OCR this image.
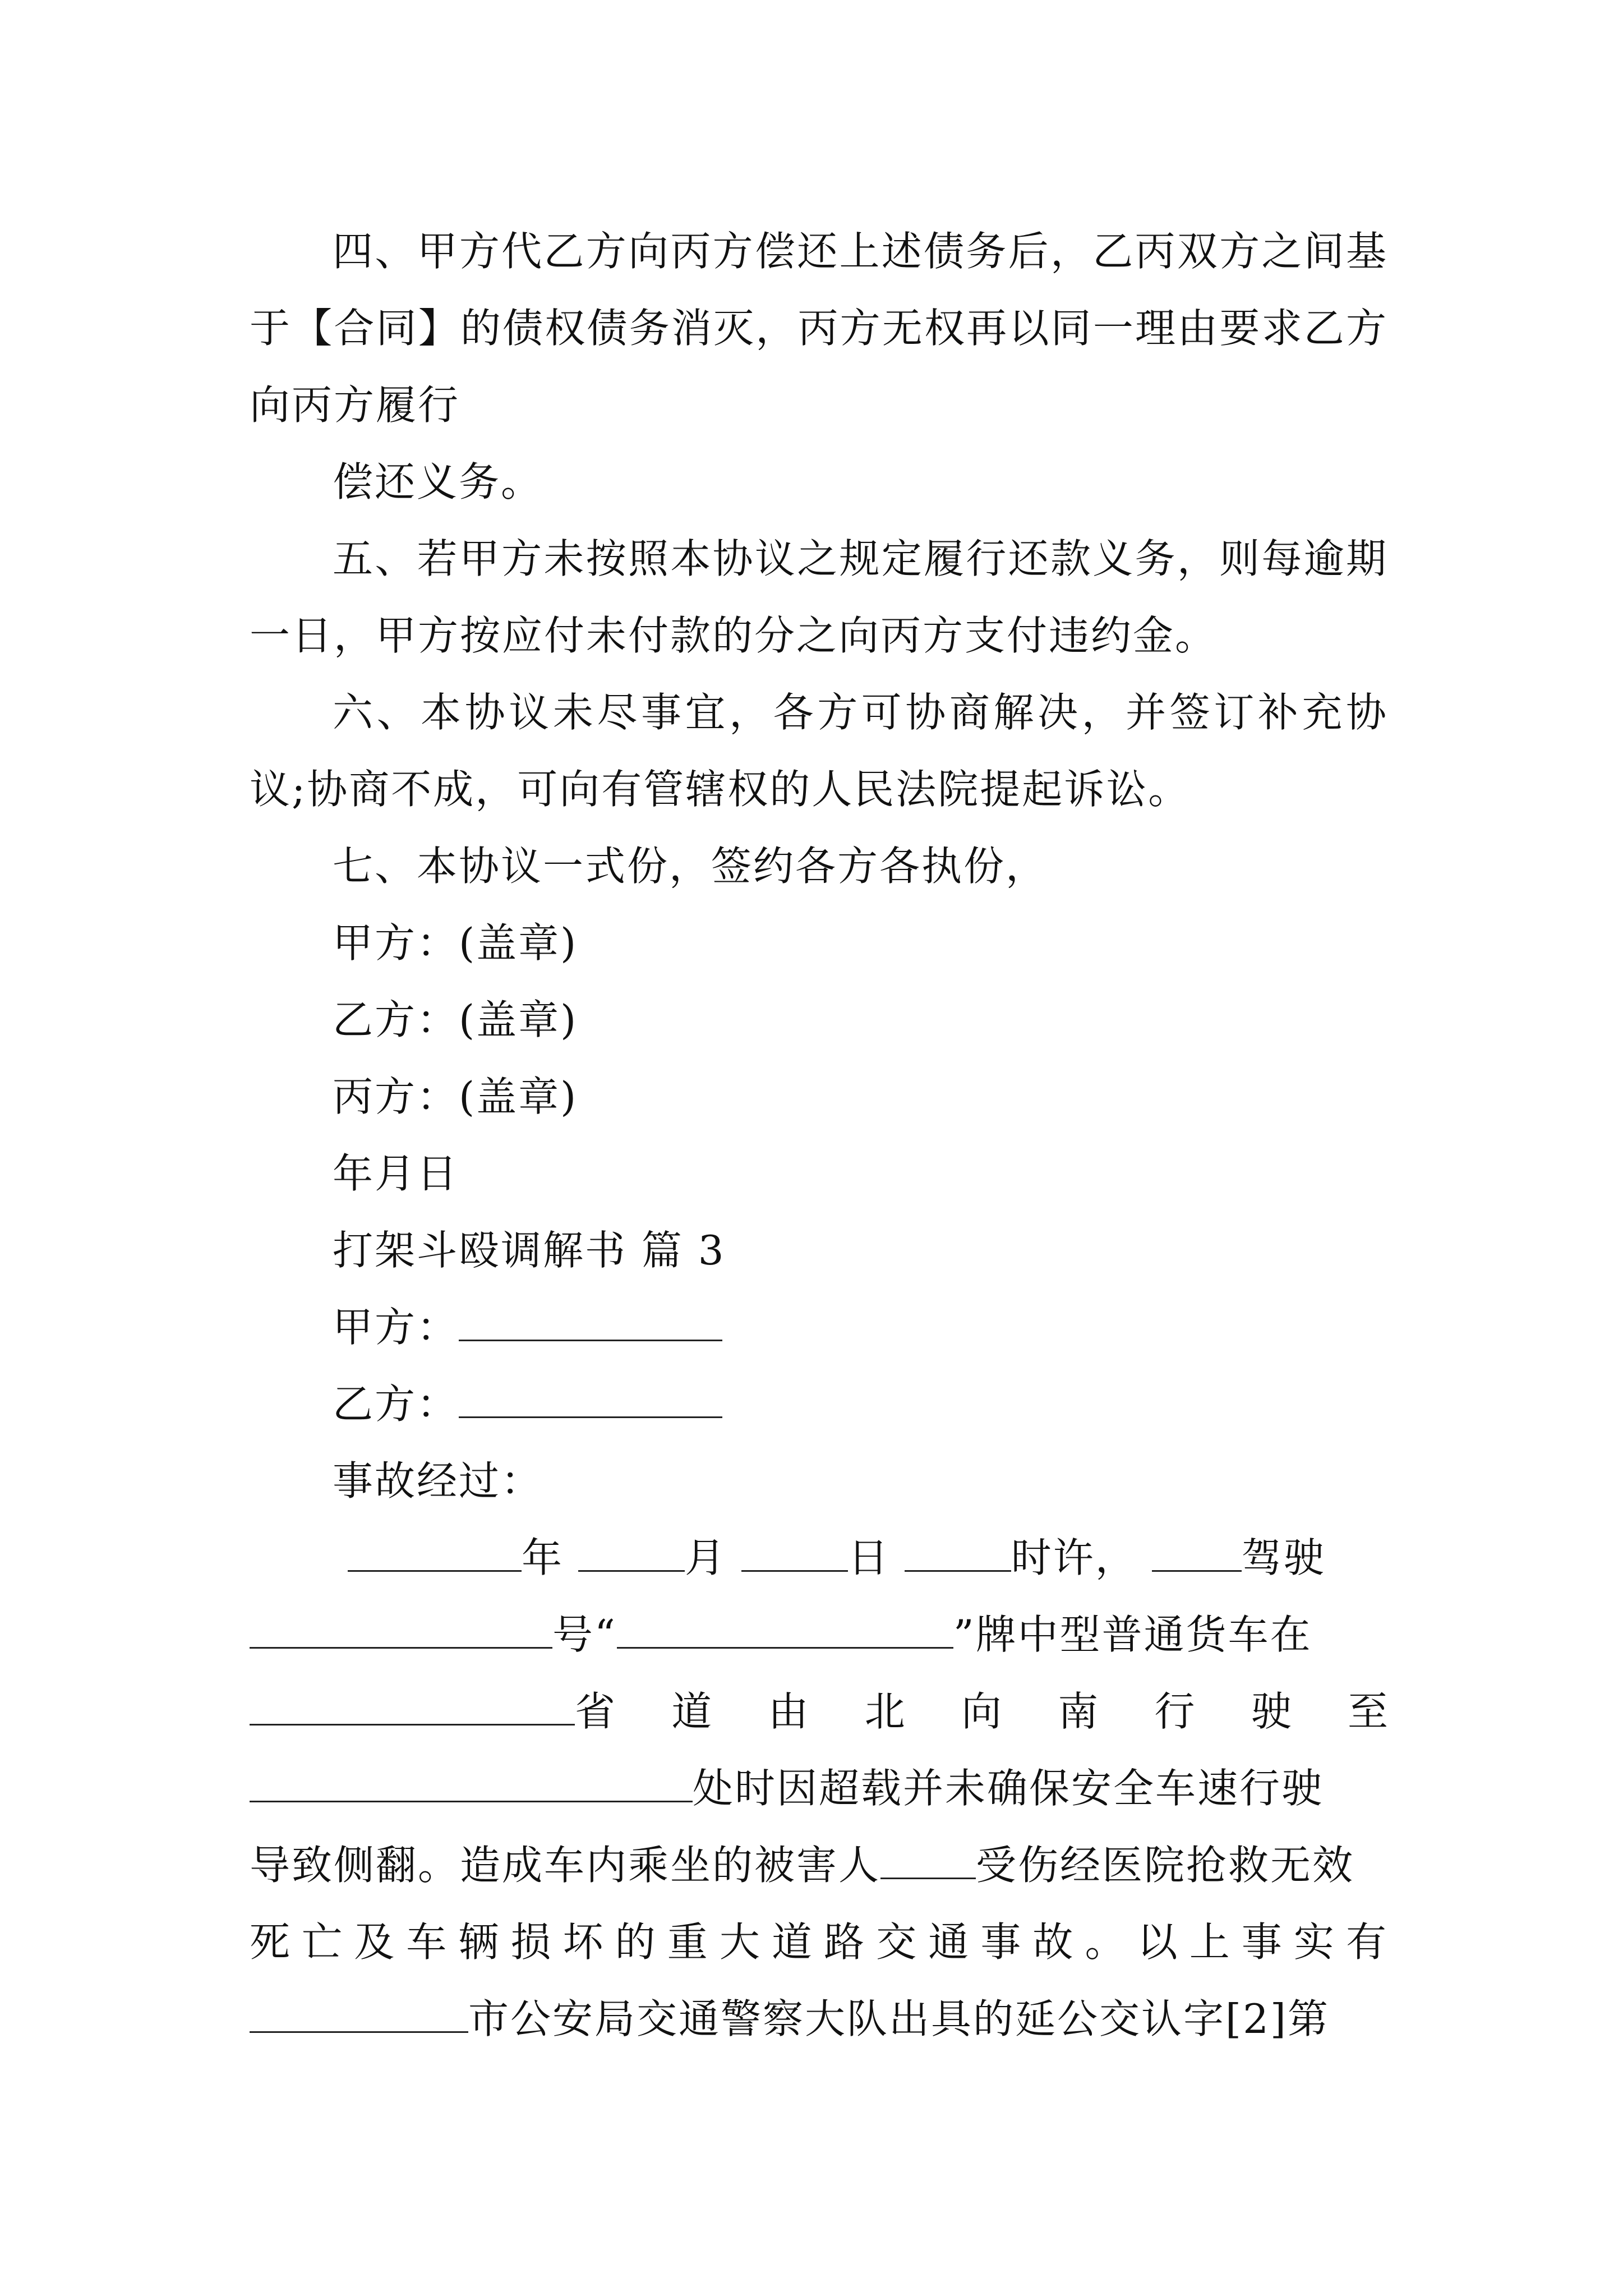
四、甲方代乙方向丙方偿还上述债务后，乙丙双方之间基于【合同】的债权债务消灭，丙方无权再以同一理由要求乙方向丙方履行

偿还义务。

五、若甲方未按照本协议之规定履行还款义务，则每逾期一日，甲方按应付未付款的分之向丙方支付违约金。

六、本协议未尽事宜，各方可协商解决，并签订补充协议;协商不成，可向有管辖权的人民法院提起诉讼。

七、本协议一式份，签约各方各执份，

甲方：(盖章)

乙方：(盖章)

丙方：(盖章)

年月日

打架斗殴调解书 篇 3

甲方：

乙方：

事故经过：

年	月	日	时许，	驾驶

号“	”牌中型普通货车在

省道由北向南行驶至

处时因超载并未确保安全车速行驶

导致侧翻。造成车内乘坐的被害人 受伤经医院抢救无效

死亡及车辆损坏的重大道路交通事故。以上事实有

市公安局交通警察大队出具的延公交认字[2]第
